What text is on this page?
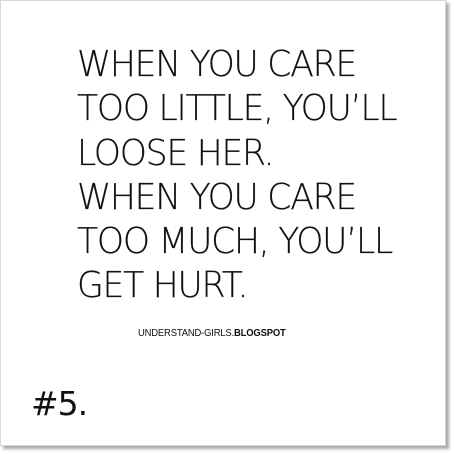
WHEN YOU CARE
TOO LITTLE, YOU’LL
LOOSE HER.
WHEN YOU CARE
TOO MUCH, YOU’LL
GET HURT.

UNDERSTAND-GIRLS.BLOGSPOT
#5.
